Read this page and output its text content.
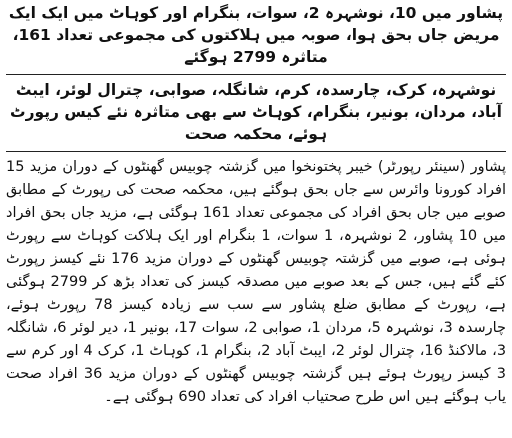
پشاور میں 10، نوشہرہ 2، سوات، بنگرام اور کوہاٹ میں ایک ایک مریض جاں بحق ہوا، صوبہ میں ہلاکتوں کی مجموعی تعداد 161، متاثرہ 2799 ہوگئے

نوشہرہ، کرک، چارسدہ، کرم، شانگلہ، صوابی، چترال لوئر، ایبٹ آباد، مردان، بونیر، بنگرام، کوہاٹ سے بھی متاثرہ نئے کیس رپورٹ ہوئے، محکمہ صحت

پشاور (سینئر رپورٹر) خیبر پختونخوا میں گزشتہ چوبیس گھنٹوں کے دوران مزید 15 افراد کورونا وائرس سے جاں بحق ہوگئے ہیں، محکمہ صحت کی رپورٹ کے مطابق صوبے میں جاں بحق افراد کی مجموعی تعداد 161 ہوگئی ہے، مزید جاں بحق افراد میں 10 پشاور، 2 نوشہرہ، 1 سوات، 1 بنگرام اور ایک ہلاکت کوہاٹ سے رپورٹ ہوئی ہے، صوبے میں گزشتہ چوبیس گھنٹوں کے دوران مزید 176 نئے کیسز رپورٹ کئے گئے ہیں، جس کے بعد صوبے میں مصدقہ کیسز کی تعداد بڑھ کر 2799 ہوگئی ہے، رپورٹ کے مطابق ضلع پشاور سے سب سے زیادہ کیسز 78 رپورٹ ہوئے، چارسدہ 3، نوشہرہ 5، مردان 1، صوابی 2، سوات 17، بونیر 1، دیر لوئر 6، شانگلہ 3، مالاکنڈ 16، چترال لوئر 2، ایبٹ آباد 2، بنگرام 1، کوہاٹ 1، کرک 4 اور کرم سے 3 کیسز رپورٹ ہوئے ہیں گزشتہ چوبیس گھنٹوں کے دوران مزید 36 افراد صحت یاب ہوگئے ہیں اس طرح صحتیاب افراد کی تعداد 690 ہوگئی ہے۔
